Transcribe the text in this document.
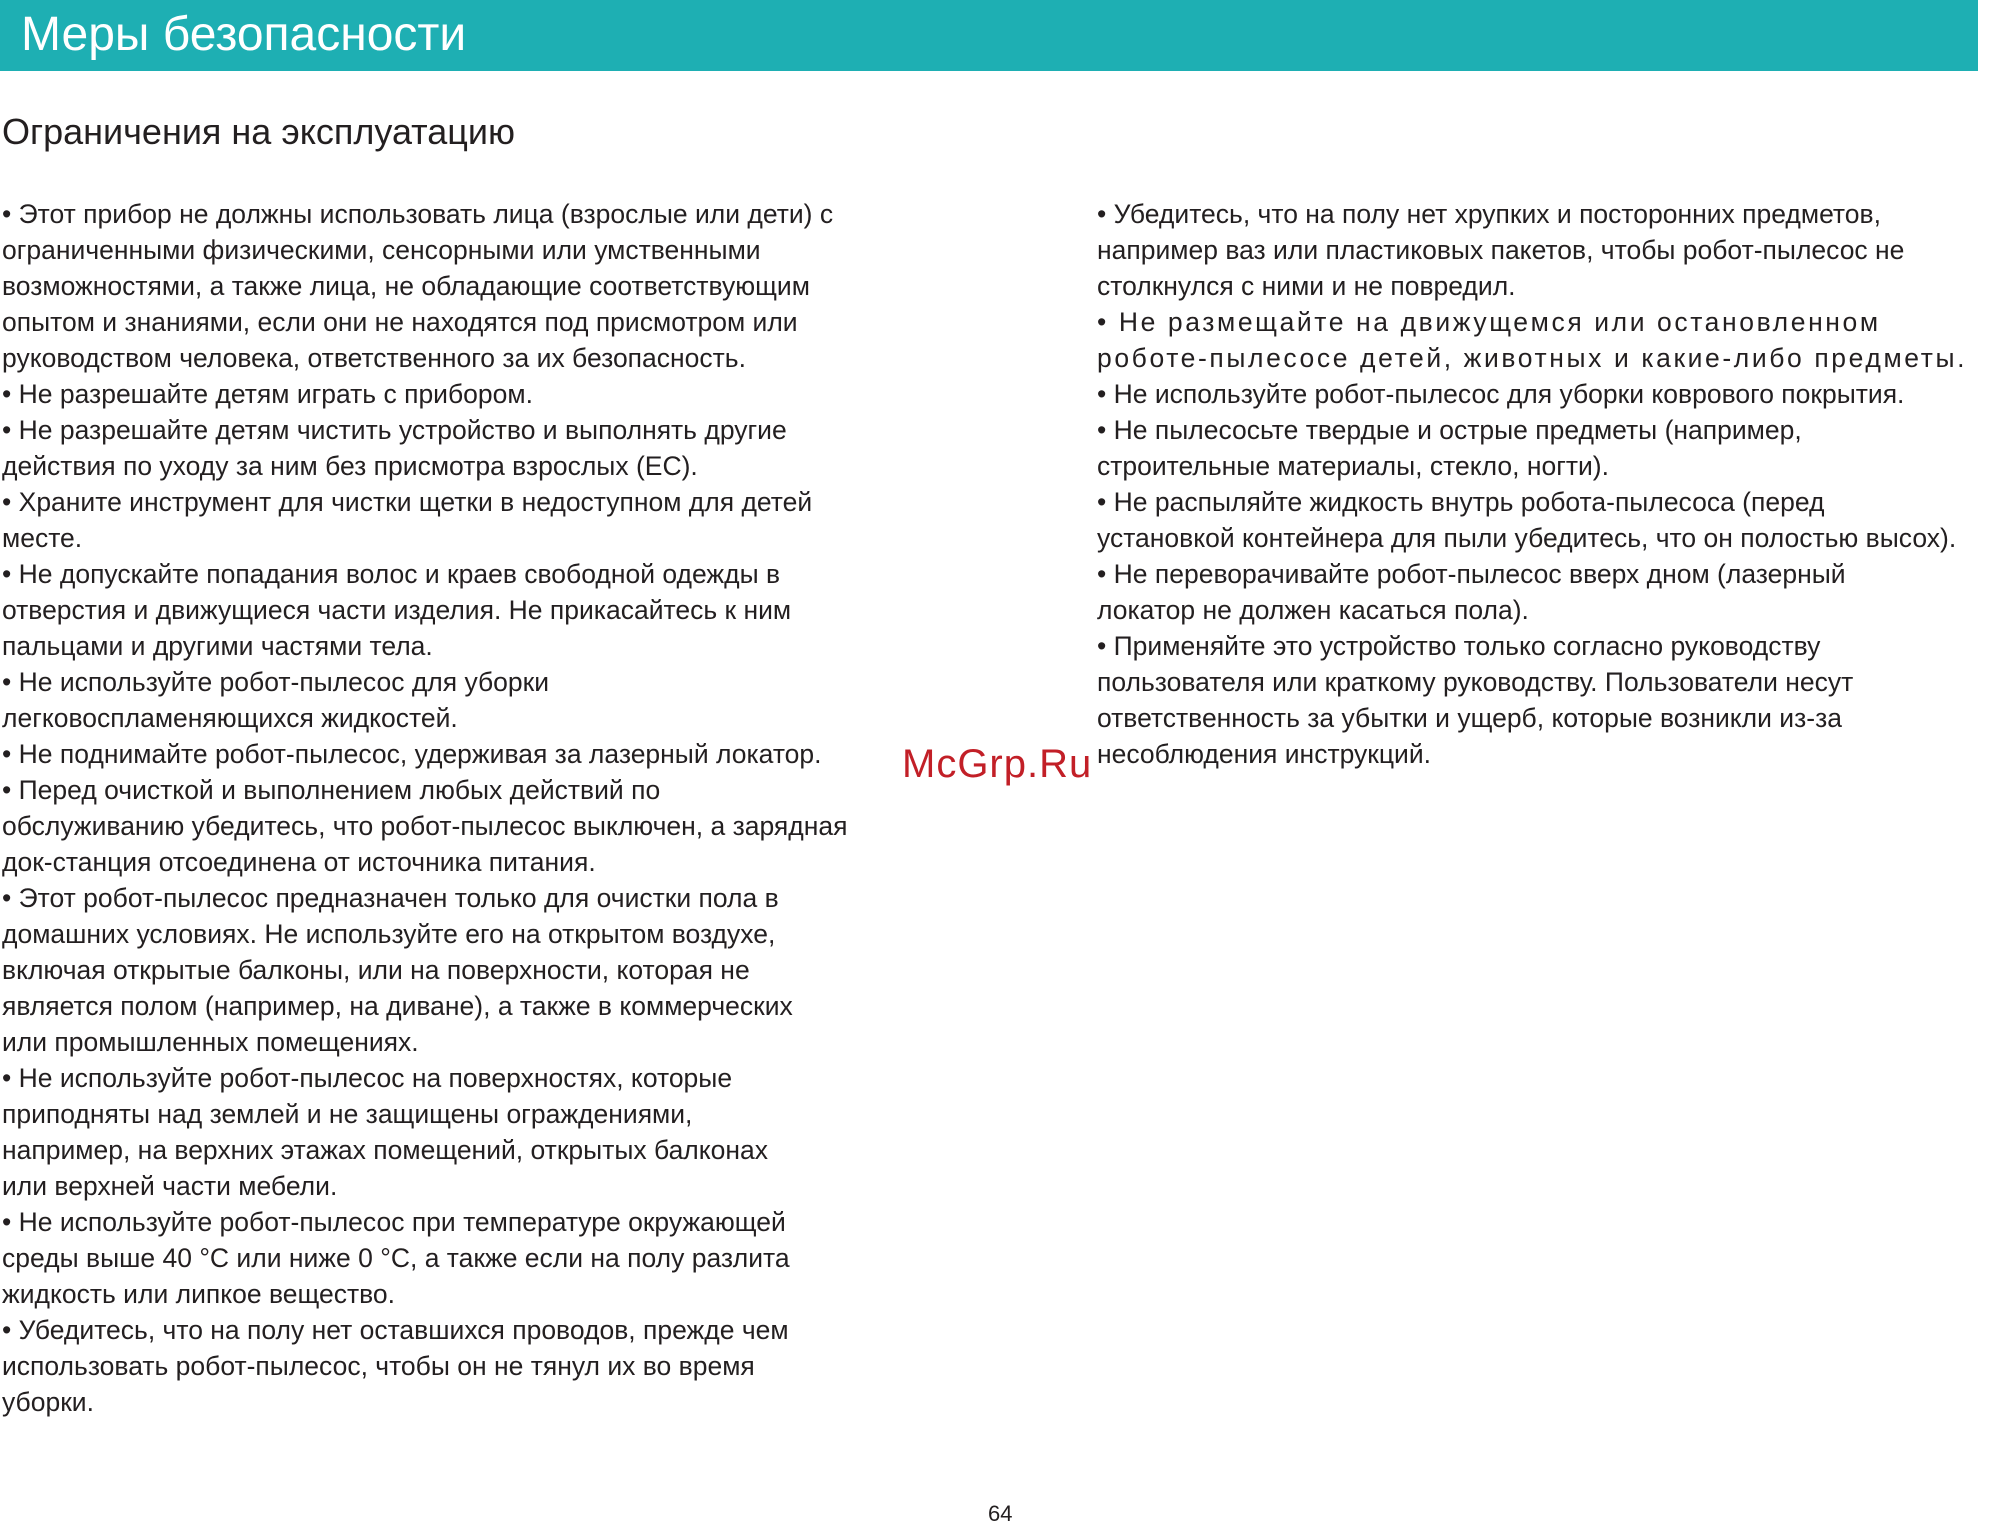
Меры безопасности
Ограничения на эксплуатацию
• Этот прибор не должны использовать лица (взрослые или дети) с
ограниченными физическими, сенсорными или умственными
возможностями, а также лица, не обладающие соответствующим
опытом и знаниями, если они не находятся под присмотром или
руководством человека, ответственного за их безопасность.
• Не разрешайте детям играть с прибором.
• Не разрешайте детям чистить устройство и выполнять другие
действия по уходу за ним без присмотра взрослых (ЕС).
• Храните инструмент для чистки щетки в недоступном для детей
месте.
• Не допускайте попадания волос и краев свободной одежды в
отверстия и движущиеся части изделия. Не прикасайтесь к ним
пальцами и другими частями тела.
• Не используйте робот-пылесос для уборки
легковоспламеняющихся жидкостей.
• Не поднимайте робот-пылесос, удерживая за лазерный локатор.
• Перед очисткой и выполнением любых действий по
обслуживанию убедитесь, что робот-пылесос выключен, а зарядная
док-станция отсоединена от источника питания.
• Этот робот-пылесос предназначен только для очистки пола в
домашних условиях. Не используйте его на открытом воздухе,
включая открытые балконы, или на поверхности, которая не
является полом (например, на диване), а также в коммерческих
или промышленных помещениях.
• Не используйте робот-пылесос на поверхностях, которые
приподняты над землей и не защищены ограждениями,
например, на верхних этажах помещений, открытых балконах
или верхней части мебели.
• Не используйте робот-пылесос при температуре окружающей
среды выше 40 °C или ниже 0 °C, а также если на полу разлита
жидкость или липкое вещество.
• Убедитесь, что на полу нет оставшихся проводов, прежде чем
использовать робот-пылесос, чтобы он не тянул их во время
уборки.
• Убедитесь, что на полу нет хрупких и посторонних предметов,
например ваз или пластиковых пакетов, чтобы робот-пылесос не
столкнулся с ними и не повредил.
• Не размещайте на движущемся или остановленном
роботе-пылесосе детей, животных и какие-либо предметы.
• Не используйте робот-пылесос для уборки коврового покрытия.
• Не пылесосьте твердые и острые предметы (например,
строительные материалы, стекло, ногти).
• Не распыляйте жидкость внутрь робота-пылесоса (перед
установкой контейнера для пыли убедитесь, что он полостью высох).
• Не переворачивайте робот-пылесос вверх дном (лазерный
локатор не должен касаться пола).
• Применяйте это устройство только согласно руководству
пользователя или краткому руководству. Пользователи несут
ответственность за убытки и ущерб, которые возникли из-за
несоблюдения инструкций.
McGrp.Ru
64
